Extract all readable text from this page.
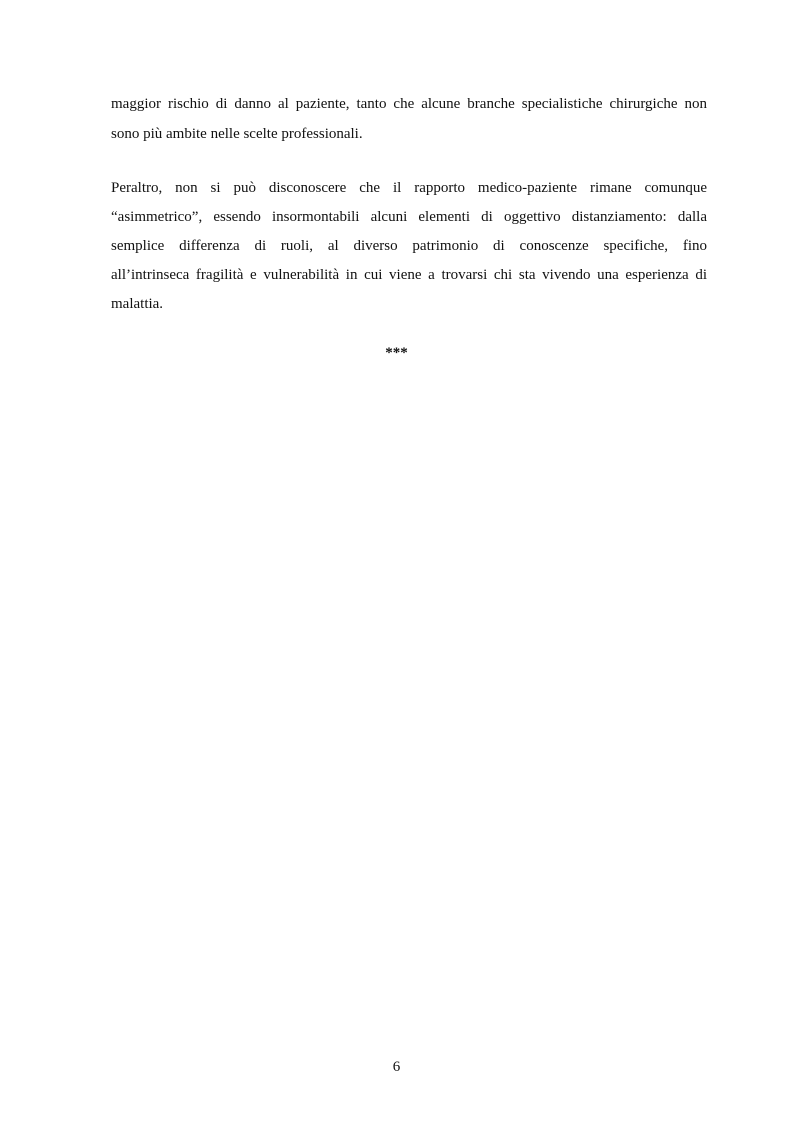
maggior rischio di danno al paziente, tanto che alcune branche specialistiche chirurgiche non
sono più ambite nelle scelte professionali.
Peraltro, non si può disconoscere che il rapporto medico-paziente rimane comunque
“asimmetrico”, essendo insormontabili alcuni elementi di oggettivo distanziamento: dalla
semplice differenza di ruoli, al diverso patrimonio di conoscenze specifiche, fino
all’intrinseca fragilità e vulnerabilità in cui viene a trovarsi chi sta vivendo una esperienza di
malattia.
***
6
